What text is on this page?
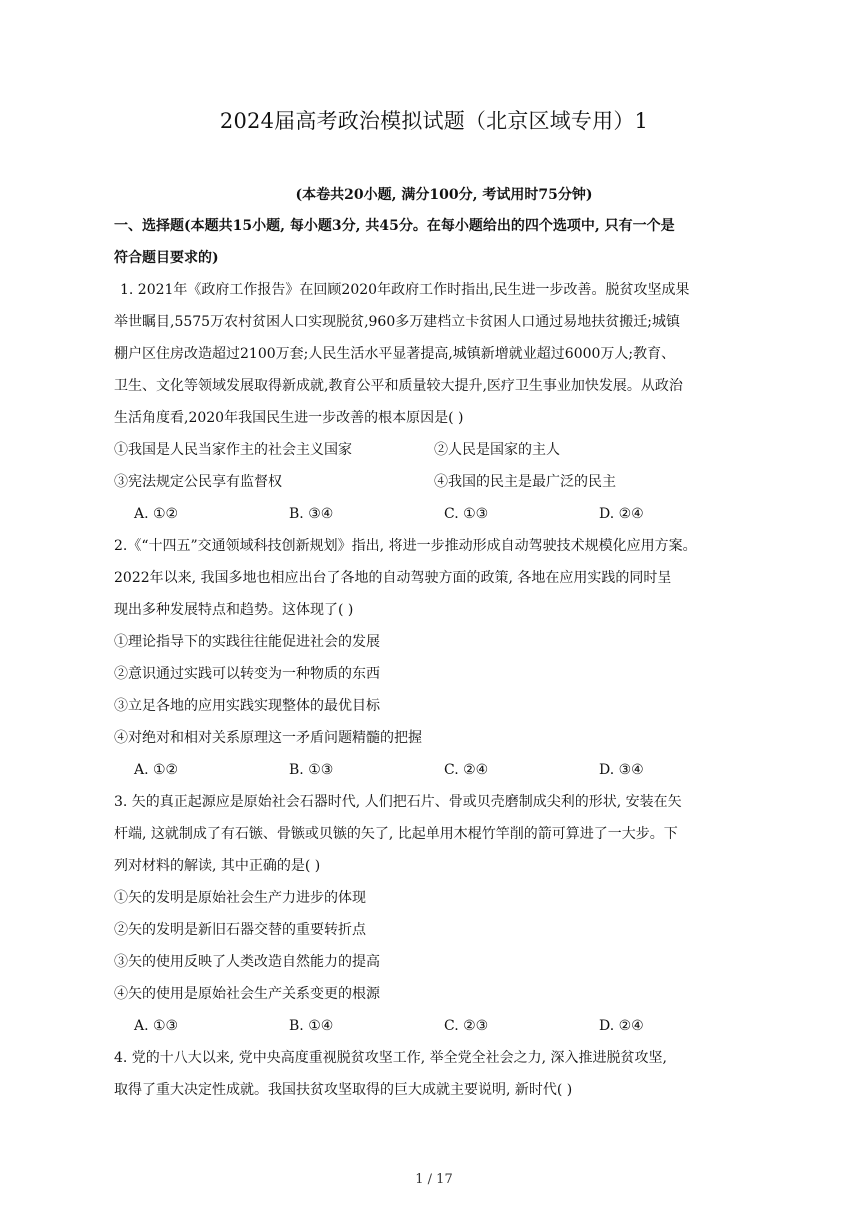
2024届高考政治模拟试题（北京区域专用）1
(本卷共20小题, 满分100分, 考试用时75分钟)
一、选择题(本题共15小题, 每小题3分, 共45分。在每小题给出的四个选项中, 只有一个是
符合题目要求的)
1. 2021年《政府工作报告》在回顾2020年政府工作时指出,民生进一步改善。脱贫攻坚成果
举世瞩目,5575万农村贫困人口实现脱贫,960多万建档立卡贫困人口通过易地扶贫搬迁;城镇
棚户区住房改造超过2100万套;人民生活水平显著提高,城镇新增就业超过6000万人;教育、
卫生、文化等领域发展取得新成就,教育公平和质量较大提升,医疗卫生事业加快发展。从政治
生活角度看,2020年我国民生进一步改善的根本原因是( )
①我国是人民当家作主的社会主义国家	②人民是国家的主人
③宪法规定公民享有监督权	④我国的民主是最广泛的民主
A. ①②	B. ③④	C. ①③	D. ②④
2.《“十四五”交通领域科技创新规划》指出, 将进一步推动形成自动驾驶技术规模化应用方案。
2022年以来, 我国多地也相应出台了各地的自动驾驶方面的政策, 各地在应用实践的同时呈
现出多种发展特点和趋势。这体现了( )
①理论指导下的实践往往能促进社会的发展
②意识通过实践可以转变为一种物质的东西
③立足各地的应用实践实现整体的最优目标
④对绝对和相对关系原理这一矛盾问题精髓的把握
A. ①②	B. ①③	C. ②④	D. ③④
3. 矢的真正起源应是原始社会石器时代, 人们把石片、骨或贝壳磨制成尖利的形状, 安装在矢
杆端, 这就制成了有石镞、骨镞或贝镞的矢了, 比起单用木棍竹竿削的箭可算进了一大步。下
列对材料的解读, 其中正确的是( )
①矢的发明是原始社会生产力进步的体现
②矢的发明是新旧石器交替的重要转折点
③矢的使用反映了人类改造自然能力的提高
④矢的使用是原始社会生产关系变更的根源
A. ①③	B. ①④	C. ②③	D. ②④
4. 党的十八大以来, 党中央高度重视脱贫攻坚工作, 举全党全社会之力, 深入推进脱贫攻坚,
取得了重大决定性成就。我国扶贫攻坚取得的巨大成就主要说明, 新时代( )
1 / 17
